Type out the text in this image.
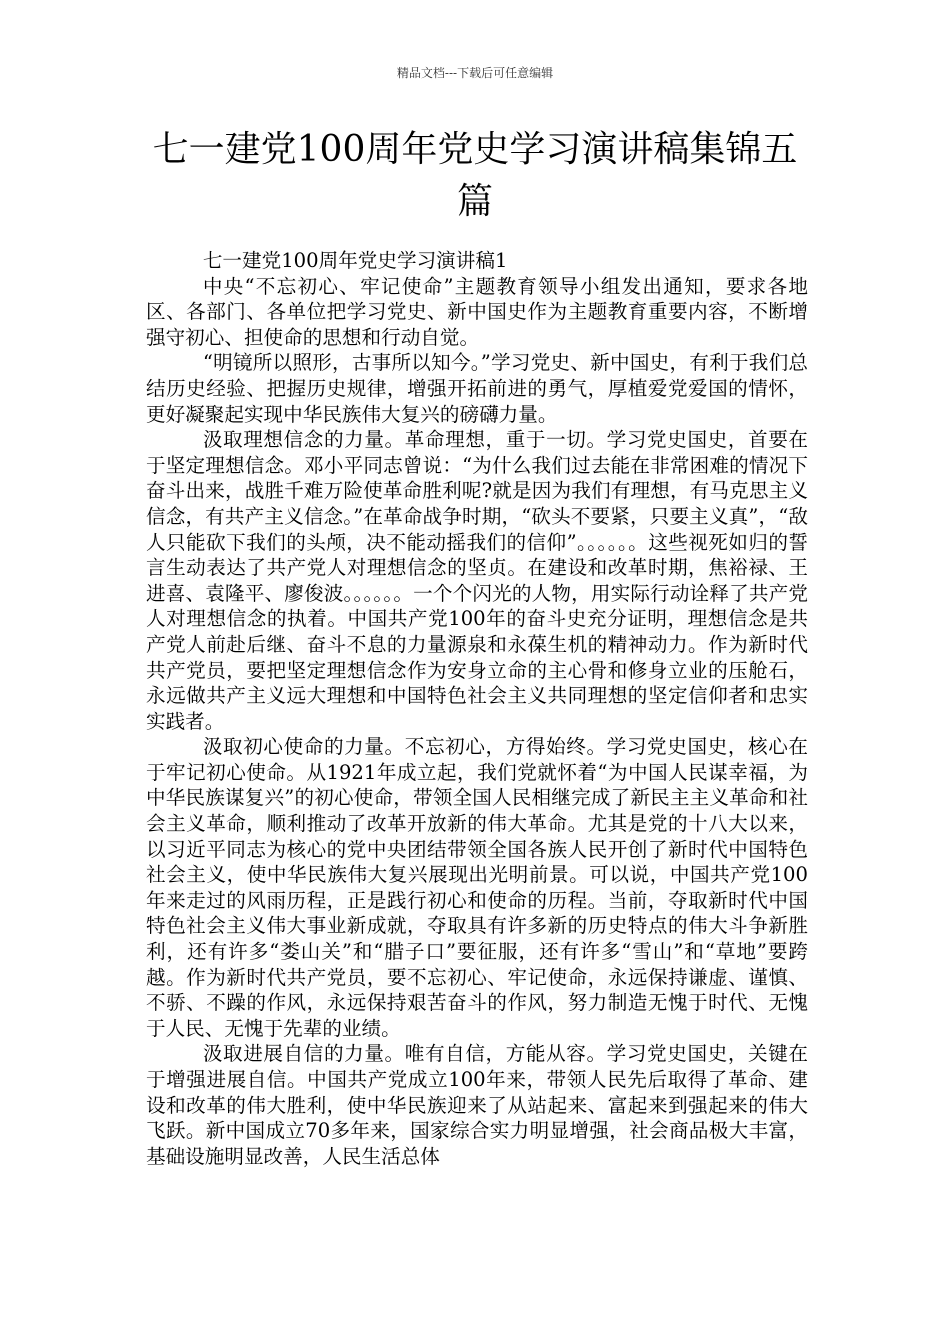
精品文档---下载后可任意编辑
七一建党100周年党史学习演讲稿集锦五篇

七一建党100周年党史学习演讲稿1

中央“不忘初心、牢记使命”主题教育领导小组发出通知，要求各地区、各部门、各单位把学习党史、新中国史作为主题教育重要内容，不断增强守初心、担使命的思想和行动自觉。

“明镜所以照形，古事所以知今。”学习党史、新中国史，有利于我们总结历史经验、把握历史规律，增强开拓前进的勇气，厚植爱党爱国的情怀，更好凝聚起实现中华民族伟大复兴的磅礴力量。

汲取理想信念的力量。革命理想，重于一切。学习党史国史，首要在于坚定理想信念。邓小平同志曾说：“为什么我们过去能在非常困难的情况下奋斗出来，战胜千难万险使革命胜利呢?就是因为我们有理想，有马克思主义信念，有共产主义信念。”在革命战争时期，“砍头不要紧，只要主义真”，“敌人只能砍下我们的头颅，决不能动摇我们的信仰”。。。。。。这些视死如归的誓言生动表达了共产党人对理想信念的坚贞。在建设和改革时期，焦裕禄、王进喜、袁隆平、廖俊波。。。。。。一个个闪光的人物，用实际行动诠释了共产党人对理想信念的执着。中国共产党100年的奋斗史充分证明，理想信念是共产党人前赴后继、奋斗不息的力量源泉和永葆生机的精神动力。作为新时代共产党员，要把坚定理想信念作为安身立命的主心骨和修身立业的压舱石，永远做共产主义远大理想和中国特色社会主义共同理想的坚定信仰者和忠实实践者。

汲取初心使命的力量。不忘初心，方得始终。学习党史国史，核心在于牢记初心使命。从1921年成立起，我们党就怀着“为中国人民谋幸福，为中华民族谋复兴”的初心使命，带领全国人民相继完成了新民主主义革命和社会主义革命，顺利推动了改革开放新的伟大革命。尤其是党的十八大以来，以习近平同志为核心的党中央团结带领全国各族人民开创了新时代中国特色社会主义，使中华民族伟大复兴展现出光明前景。可以说，中国共产党100年来走过的风雨历程，正是践行初心和使命的历程。当前，夺取新时代中国特色社会主义伟大事业新成就，夺取具有许多新的历史特点的伟大斗争新胜利，还有许多“娄山关”和“腊子口”要征服，还有许多“雪山”和“草地”要跨越。作为新时代共产党员，要不忘初心、牢记使命，永远保持谦虚、谨慎、不骄、不躁的作风，永远保持艰苦奋斗的作风，努力制造无愧于时代、无愧于人民、无愧于先辈的业绩。

汲取进展自信的力量。唯有自信，方能从容。学习党史国史，关键在于增强进展自信。中国共产党成立100年来，带领人民先后取得了革命、建设和改革的伟大胜利，使中华民族迎来了从站起来、富起来到强起来的伟大飞跃。新中国成立70多年来，国家综合实力明显增强，社会商品极大丰富，基础设施明显改善，人民生活总体
